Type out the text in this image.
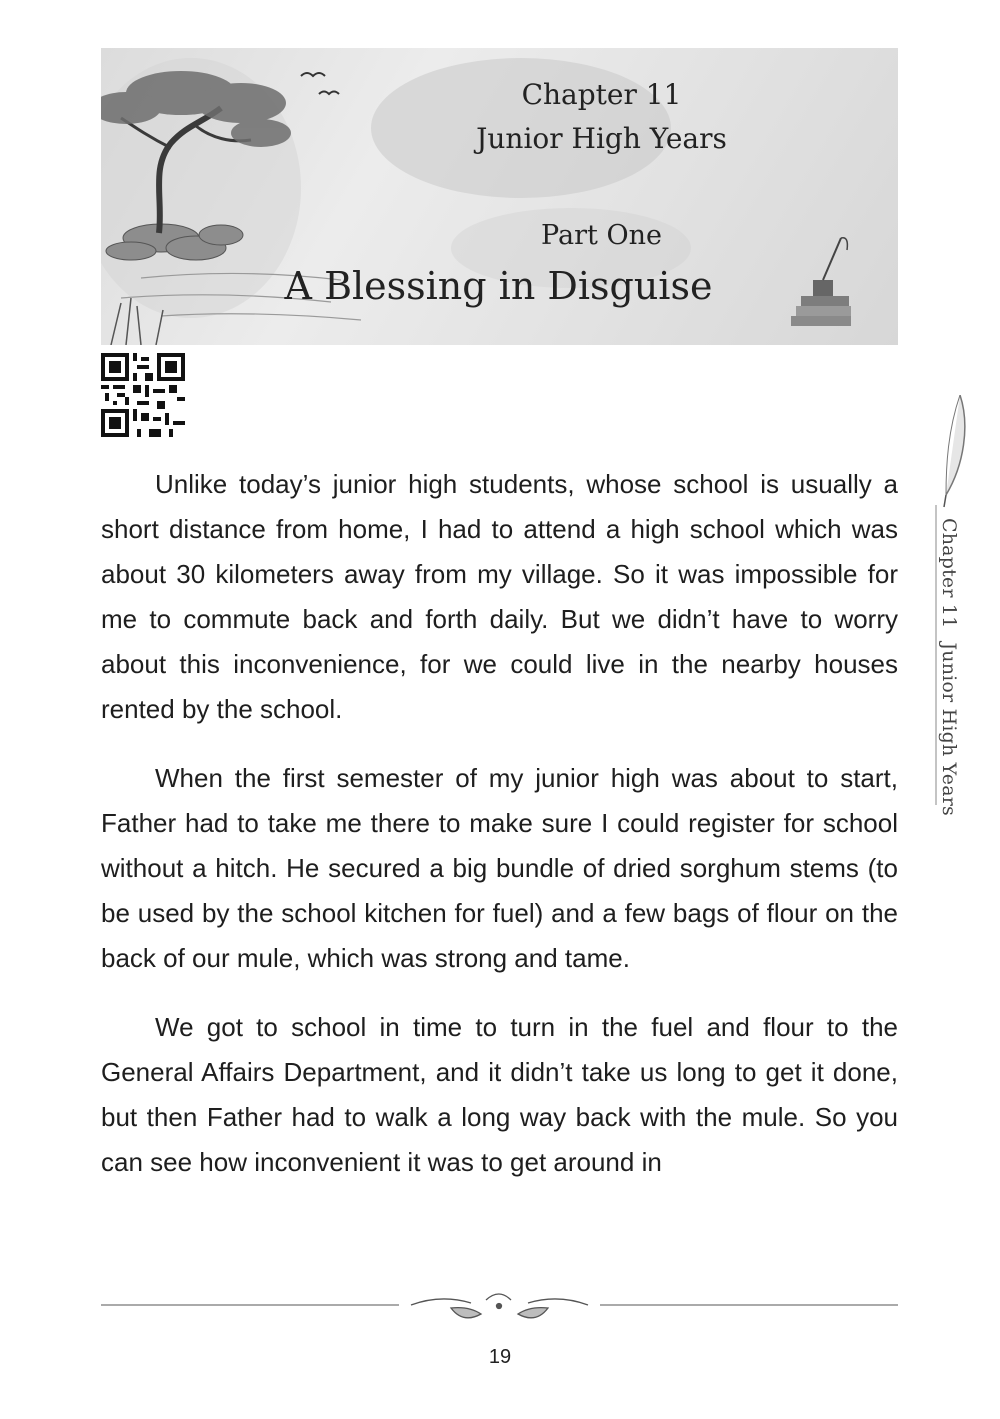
Chapter 11
Junior High Years
Part One
A Blessing in Disguise
Chapter 11Junior High Years

Unlike today’s junior high students, whose school is usually a short distance from home, I had to attend a high school which was about 30 kilometers away from my village. So it was impossible for me to commute back and forth daily. But we didn’t have to worry about this inconvenience, for we could live in the nearby houses rented by the school.

When the first semester of my junior high was about to start, Father had to take me there to make sure I could register for school without a hitch. He secured a big bundle of dried sorghum stems (to be used by the school kitchen for fuel) and a few bags of flour on the back of our mule, which was strong and tame.

We got to school in time to turn in the fuel and flour to the General Affairs Department, and it didn’t take us long to get it done, but then Father had to walk a long way back with the mule. So you can see how inconvenient it was to get around in

19
